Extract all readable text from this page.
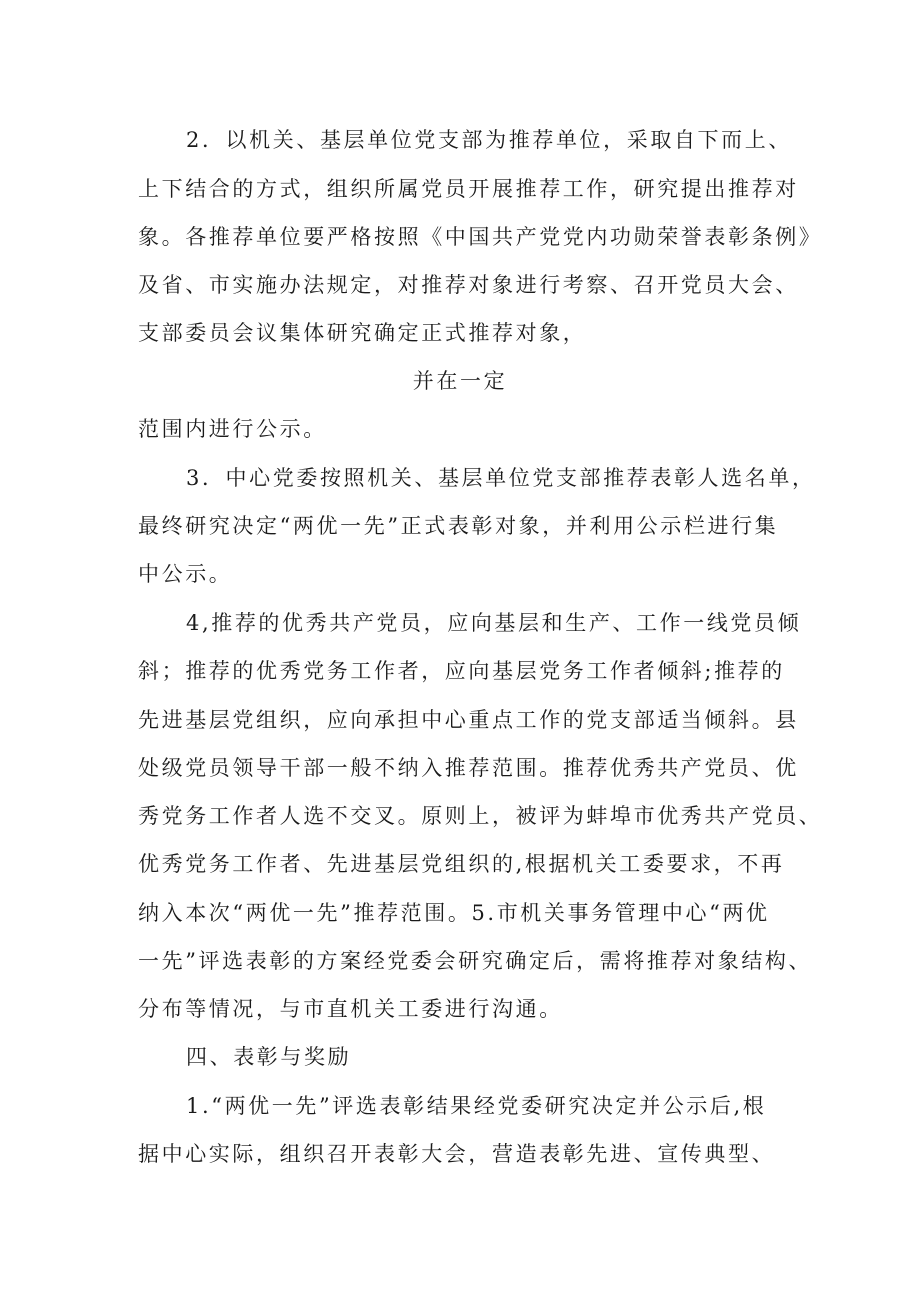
2．以机关、基层单位党支部为推荐单位，采取自下而上、
上下结合的方式，组织所属党员开展推荐工作，研究提出推荐对
象。各推荐单位要严格按照《中国共产党党内功勋荣誉表彰条例》
及省、市实施办法规定，对推荐对象进行考察、召开党员大会、
支部委员会议集体研究确定正式推荐对象，
并在一定
范围内进行公示。
3．中心党委按照机关、基层单位党支部推荐表彰人选名单，
最终研究决定“两优一先”正式表彰对象，并利用公示栏进行集
中公示。
4,推荐的优秀共产党员，应向基层和生产、工作一线党员倾
斜；推荐的优秀党务工作者，应向基层党务工作者倾斜;推荐的
先进基层党组织，应向承担中心重点工作的党支部适当倾斜。县
处级党员领导干部一般不纳入推荐范围。推荐优秀共产党员、优
秀党务工作者人选不交叉。原则上，被评为蚌埠市优秀共产党员、
优秀党务工作者、先进基层党组织的,根据机关工委要求，不再
纳入本次“两优一先”推荐范围。5.市机关事务管理中心“两优
一先”评选表彰的方案经党委会研究确定后，需将推荐对象结构、
分布等情况，与市直机关工委进行沟通。
四、表彰与奖励
1.“两优一先”评选表彰结果经党委研究决定并公示后,根
据中心实际，组织召开表彰大会，营造表彰先进、宣传典型、
